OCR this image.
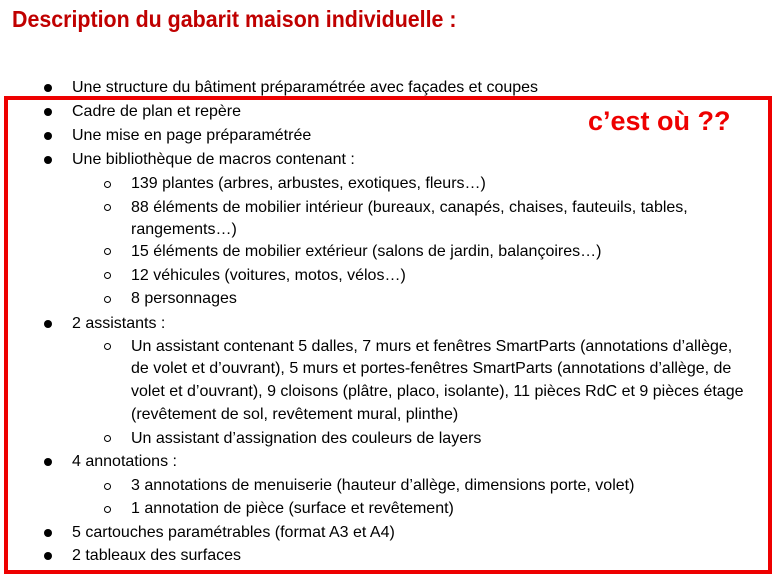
Description du gabarit maison individuelle :
c’est où ??
Une structure du bâtiment préparamétrée avec façades et coupes
Cadre de plan et repère
Une mise en page préparamétrée
Une bibliothèque de macros contenant :
139 plantes (arbres, arbustes, exotiques, fleurs…)
88 éléments de mobilier intérieur (bureaux, canapés, chaises, fauteuils, tables,
rangements…)
15 éléments de mobilier extérieur (salons de jardin, balançoires…)
12 véhicules (voitures, motos, vélos…)
8 personnages
2 assistants :
Un assistant contenant 5 dalles, 7 murs et fenêtres SmartParts (annotations d’allège,
de volet et d’ouvrant), 5 murs et portes-fenêtres SmartParts (annotations d’allège, de
volet et d’ouvrant), 9 cloisons (plâtre, placo, isolante), 11 pièces RdC et 9 pièces étage
(revêtement de sol, revêtement mural, plinthe)
Un assistant d’assignation des couleurs de layers
4 annotations :
3 annotations de menuiserie (hauteur d’allège, dimensions porte, volet)
1 annotation de pièce (surface et revêtement)
5 cartouches paramétrables (format A3 et A4)
2 tableaux des surfaces
